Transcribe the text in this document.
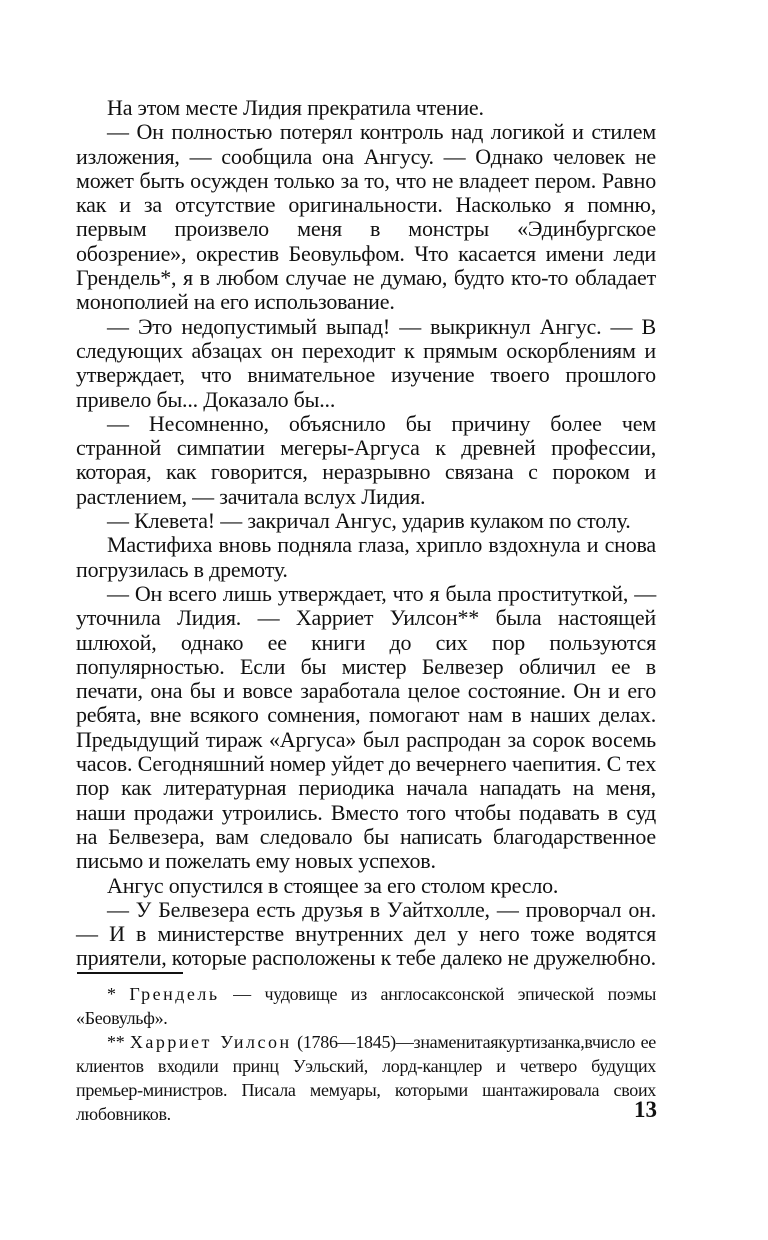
На этом месте Лидия прекратила чтение.

— Он полностью потерял контроль над логикой и стилем изложения, — сообщила она Ангусу. — Однако человек не может быть осужден только за то, что не владеет пером. Равно как и за отсутствие оригинальности. Насколько я помню, первым произвело меня в монстры «Эдинбургское обозрение», окрестив Беовульфом. Что касается имени леди Грендель*, я в любом случае не думаю, будто кто-то обладает монополией на его использование.

— Это недопустимый выпад! — выкрикнул Ангус. — В следующих абзацах он переходит к прямым оскорблениям и утверждает, что внимательное изучение твоего прошлого привело бы... Доказало бы...

— Несомненно, объяснило бы причину более чем странной симпатии мегеры-Аргуса к древней профессии, которая, как говорится, неразрывно связана с пороком и растлением, — зачитала вслух Лидия.

— Клевета! — закричал Ангус, ударив кулаком по столу.

Мастифиха вновь подняла глаза, хрипло вздохнула и снова погрузилась в дремоту.

— Он всего лишь утверждает, что я была проституткой, — уточнила Лидия. — Харриет Уилсон** была настоящей шлюхой, однако ее книги до сих пор пользуются популярностью. Если бы мистер Белвезер обличил ее в печати, она бы и вовсе заработала целое состояние. Он и его ребята, вне всякого сомнения, помогают нам в наших делах. Предыдущий тираж «Аргуса» был распродан за сорок восемь часов. Сегодняшний номер уйдет до вечернего чаепития. С тех пор как литературная периодика начала нападать на меня, наши продажи утроились. Вместо того чтобы подавать в суд на Белвезера, вам следовало бы написать благодарственное письмо и пожелать ему новых успехов.

Ангус опустился в стоящее за его столом кресло.

— У Белвезера есть друзья в Уайтхолле, — проворчал он. — И в министерстве внутренних дел у него тоже водятся приятели, которые расположены к тебе далеко не дружелюбно.

* Грендель — чудовище из англосаксонской эпической поэмы «Беовульф».

** Харриет Уилсон (1786—1845)—знаменитаякуртизанка,вчисло ее клиентов входили принц Уэльский, лорд-канцлер и четверо будущих премьер-министров. Писала мемуары, которыми шантажировала своих любовников.	13
